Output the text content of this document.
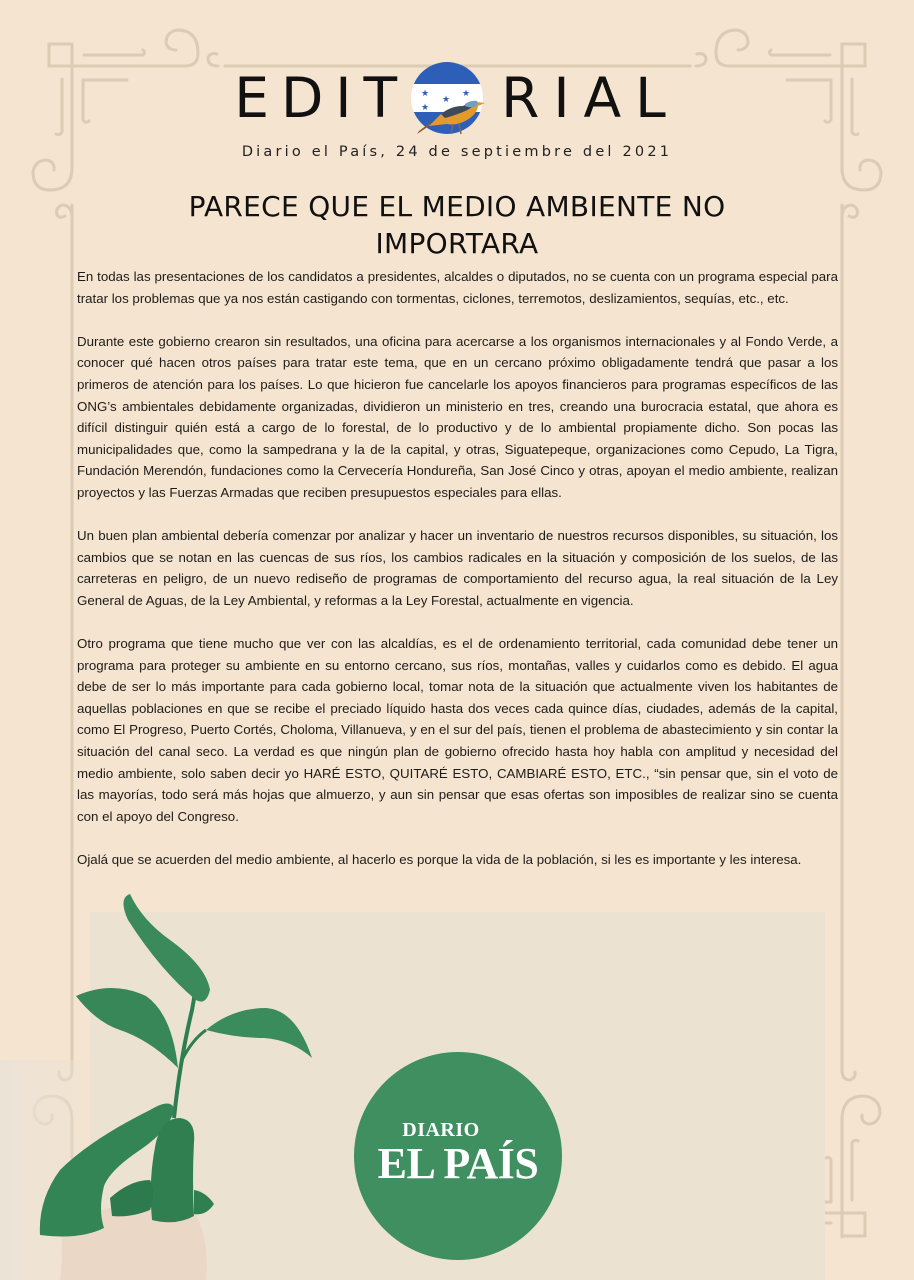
EDIT ★	★
★
★ RIAL
Diario el País, 24 de septiembre del 2021
PARECE QUE EL MEDIO AMBIENTE NO IMPORTARA

En todas las presentaciones de los candidatos a presidentes, alcaldes o diputados, no se cuenta con un programa especial para tratar los problemas que ya nos están castigando con tormentas, ciclones, terremotos, deslizamientos, sequías, etc., etc.

Durante este gobierno crearon sin resultados, una oficina para acercarse a los organismos internacionales y al Fondo Verde, a conocer qué hacen otros países para tratar este tema, que en un cercano próximo obligadamente tendrá que pasar a los primeros de atención para los países. Lo que hicieron fue cancelarle los apoyos financieros para programas específicos de las ONG’s ambientales debidamente organizadas, dividieron un ministerio en tres, creando una burocracia estatal, que ahora es difícil distinguir quién está a cargo de lo forestal, de lo productivo y de lo ambiental propiamente dicho. Son pocas las municipalidades que, como la sampedrana y la de la capital, y otras, Siguatepeque, organizaciones como Cepudo, La Tigra, Fundación Merendón, fundaciones como la Cervecería Hondureña, San José Cinco y otras, apoyan el medio ambiente, realizan proyectos y las Fuerzas Armadas que reciben presupuestos especiales para ellas.

Un buen plan ambiental debería comenzar por analizar y hacer un inventario de nuestros recursos disponibles, su situación, los cambios que se notan en las cuencas de sus ríos, los cambios radicales en la situación y composición de los suelos, de las carreteras en peligro, de un nuevo rediseño de programas de comportamiento del recurso agua, la real situación de la Ley General de Aguas, de la Ley Ambiental, y reformas a la Ley Forestal, actualmente en vigencia.

Otro programa que tiene mucho que ver con las alcaldías, es el de ordenamiento territorial, cada comunidad debe tener un programa para proteger su ambiente en su entorno cercano, sus ríos, montañas, valles y cuidarlos como es debido. El agua debe de ser lo más importante para cada gobierno local, tomar nota de la situación que actualmente viven los habitantes de aquellas poblaciones en que se recibe el preciado líquido hasta dos veces cada quince días, ciudades, además de la capital, como El Progreso, Puerto Cortés, Choloma, Villanueva, y en el sur del país, tienen el problema de abastecimiento y sin contar la situación del canal seco. La verdad es que ningún plan de gobierno ofrecido hasta hoy habla con amplitud y necesidad del medio ambiente, solo saben decir yo HARÉ ESTO, QUITARÉ ESTO, CAMBIARÉ ESTO, ETC., “sin pensar que, sin el voto de las mayorías, todo será más hojas que almuerzo, y aun sin pensar que esas ofertas son imposibles de realizar sino se cuenta con el apoyo del Congreso.

Ojalá que se acuerden del medio ambiente, al hacerlo es porque la vida de la población, si les es importante y les interesa.

DIARIO
EL PAÍS
